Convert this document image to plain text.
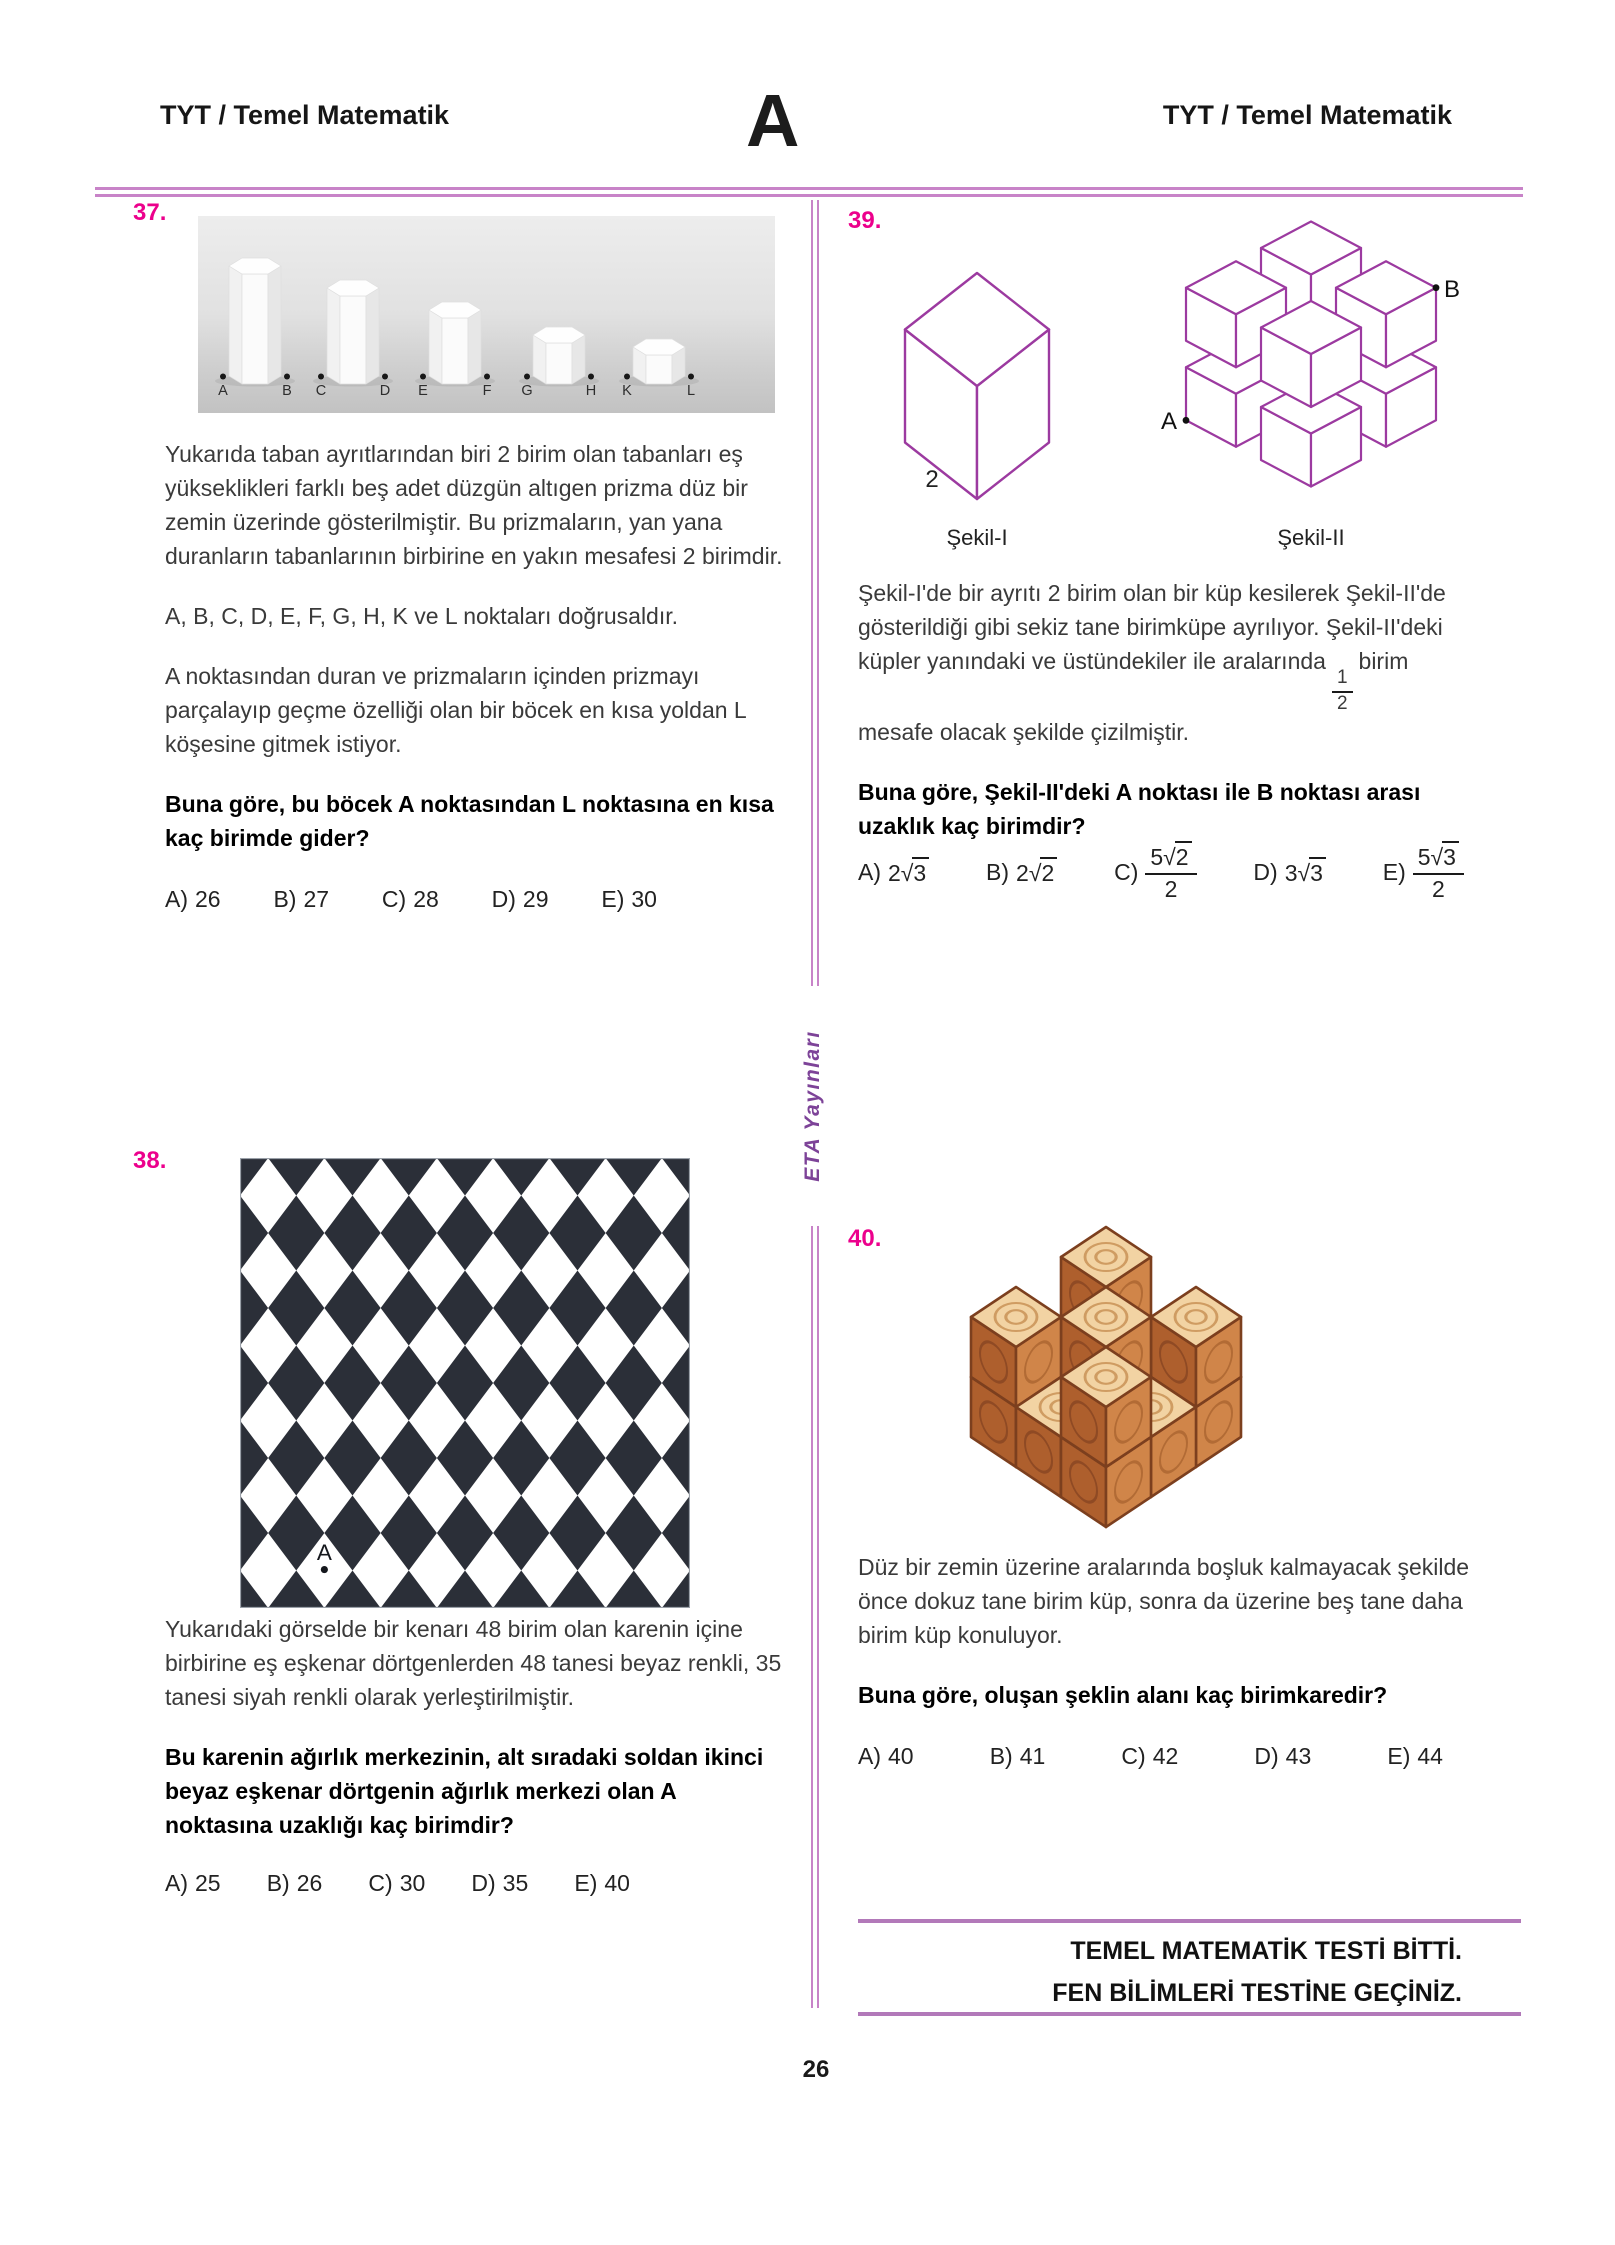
TYT / Temel Matematik	A	TYT / Temel Matematik
ETA Yayınları
37.
A	B C	D E	F G	H K	L

Yukarıda taban ayrıtlarından biri 2 birim olan tabanları eş yükseklikleri farklı beş adet düzgün altıgen prizma düz bir zemin üzerinde gösterilmiştir. Bu prizmaların, yan yana duranların tabanlarının birbirine en yakın mesafesi 2 birimdir.

A, B, C, D, E, F, G, H, K ve L noktaları doğrusaldır.

A noktasından duran ve prizmaların içinden prizmayı parçalayıp geçme özelliği olan bir böcek en kısa yoldan L köşesine gitmek istiyor.

Buna göre, bu böcek A noktasından L noktasına en kısa kaç birimde gider?

A) 26 B) 27 C) 28 D) 29 E) 30
38.
A

Yukarıdaki görselde bir kenarı 48 birim olan karenin içine birbirine eş eşkenar dörtgenlerden 48 tanesi beyaz renkli, 35 tanesi siyah renkli olarak yerleştirilmiştir.

Bu karenin ağırlık merkezinin, alt sıradaki soldan ikinci beyaz eşkenar dörtgenin ağırlık merkezi olan A noktasına uzaklığı kaç birimdir?

A) 25 B) 26 C) 30 D) 35 E) 40
39.
2
A
B
Şekil-I	Şekil-II

Şekil-I'de bir ayrıtı 2 birim olan bir küp kesilerek Şekil-II'de gösterildiği gibi sekiz tane birimküpe ayrılıyor. Şekil-II'deki küpler yanındaki ve üstündekiler ile aralarında
$\frac{1}{2}$
birim mesafe olacak şekilde çizilmiştir.

Buna göre, Şekil-II'deki A noktası ile B noktası arası uzaklık kaç birimdir?

A) 2√3	B) 2√2	$C) \frac{5√2}{2} D$) 3√3	$E) \frac{5√3}{2}$
40.

Düz bir zemin üzerine aralarında boşluk kalmayacak şekilde önce dokuz tane birim küp, sonra da üzerine beş tane daha birim küp konuluyor.

Buna göre, oluşan şeklin alanı kaç birimkaredir?

A) 40	B) 41	C) 42	D) 43	E) 44
TEMEL MATEMATİK TESTİ BİTTİ.
FEN BİLİMLERİ TESTİNE GEÇİNİZ.
26
